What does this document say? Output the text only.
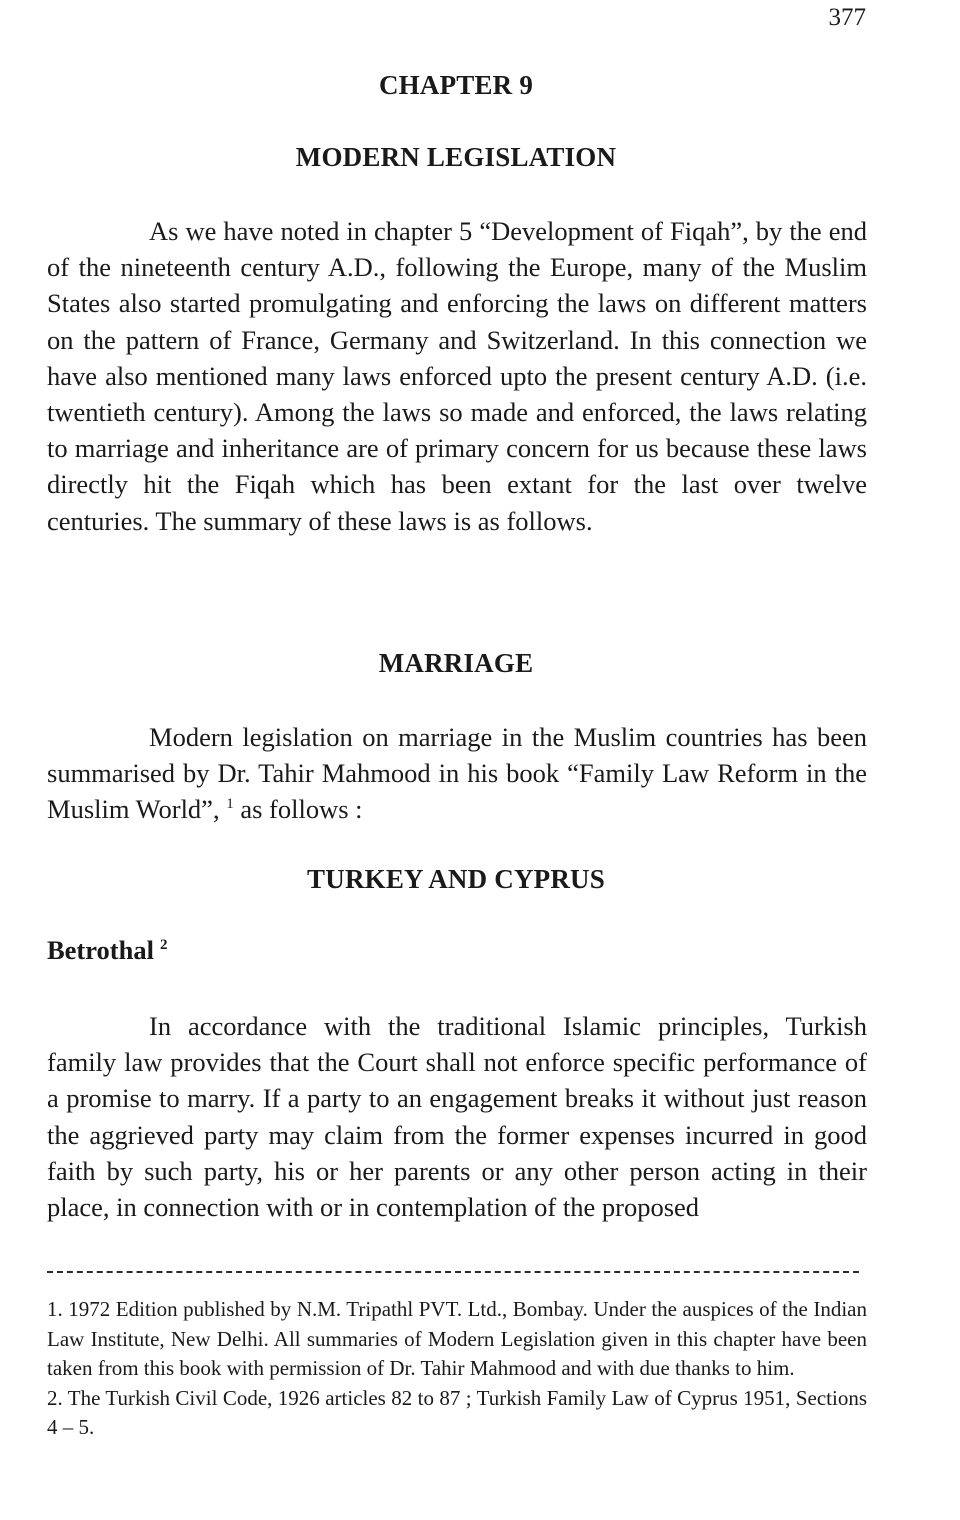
377
CHAPTER 9
MODERN LEGISLATION

As we have noted in chapter 5 “Development of Fiqah”, by the end of the nineteenth century A.D., following the Europe, many of the Muslim States also started promulgating and enforcing the laws on different matters on the pattern of France, Germany and Switzerland. In this connection we have also mentioned many laws enforced upto the present century A.D. (i.e. twentieth century). Among the laws so made and enforced, the laws relating to marriage and inheritance are of primary concern for us because these laws directly hit the Fiqah which has been extant for the last over twelve centuries. The summary of these laws is as follows.

MARRIAGE

Modern legislation on marriage in the Muslim countries has been summarised by Dr. Tahir Mahmood in his book “Family Law Reform in the Muslim World”, $^1$ as follows :

TURKEY AND CYPRUS
Betrothal $^2$

In accordance with the traditional Islamic principles, Turkish family law provides that the Court shall not enforce specific performance of a promise to marry. If a party to an engagement breaks it without just reason the aggrieved party may claim from the former expenses incurred in good faith by such party, his or her parents or any other person acting in their place, in connection with or in contemplation of the proposed

1. 1972 Edition published by N.M. Tripathl PVT. Ltd., Bombay. Under the auspices of the Indian Law Institute, New Delhi. All summaries of Modern Legislation given in this chapter have been taken from this book with permission of Dr. Tahir Mahmood and with due thanks to him.

2. The Turkish Civil Code, 1926 articles 82 to 87 ; Turkish Family Law of Cyprus 1951, Sections 4 – 5.
